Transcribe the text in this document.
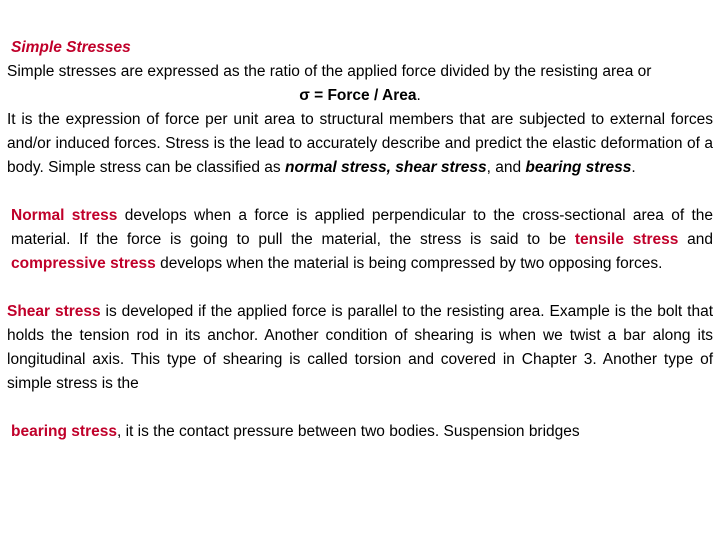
Simple Stresses

Simple stresses are expressed as the ratio of the applied force divided by the resisting area or

σ = Force / Area.

It is the expression of force per unit area to structural members that are subjected to external forces and/or induced forces. Stress is the lead to accurately describe and predict the elastic deformation of a body. Simple stress can be classified as normal stress, shear stress, and bearing stress.

Normal stress develops when a force is applied perpendicular to the cross-sectional area of the material. If the force is going to pull the material, the stress is said to be tensile stress and compressive stress develops when the material is being compressed by two opposing forces.

Shear stress is developed if the applied force is parallel to the resisting area. Example is the bolt that holds the tension rod in its anchor. Another condition of shearing is when we twist a bar along its longitudinal axis. This type of shearing is called torsion and covered in Chapter 3. Another type of simple stress is the

bearing stress, it is the contact pressure between two bodies. Suspension bridges
